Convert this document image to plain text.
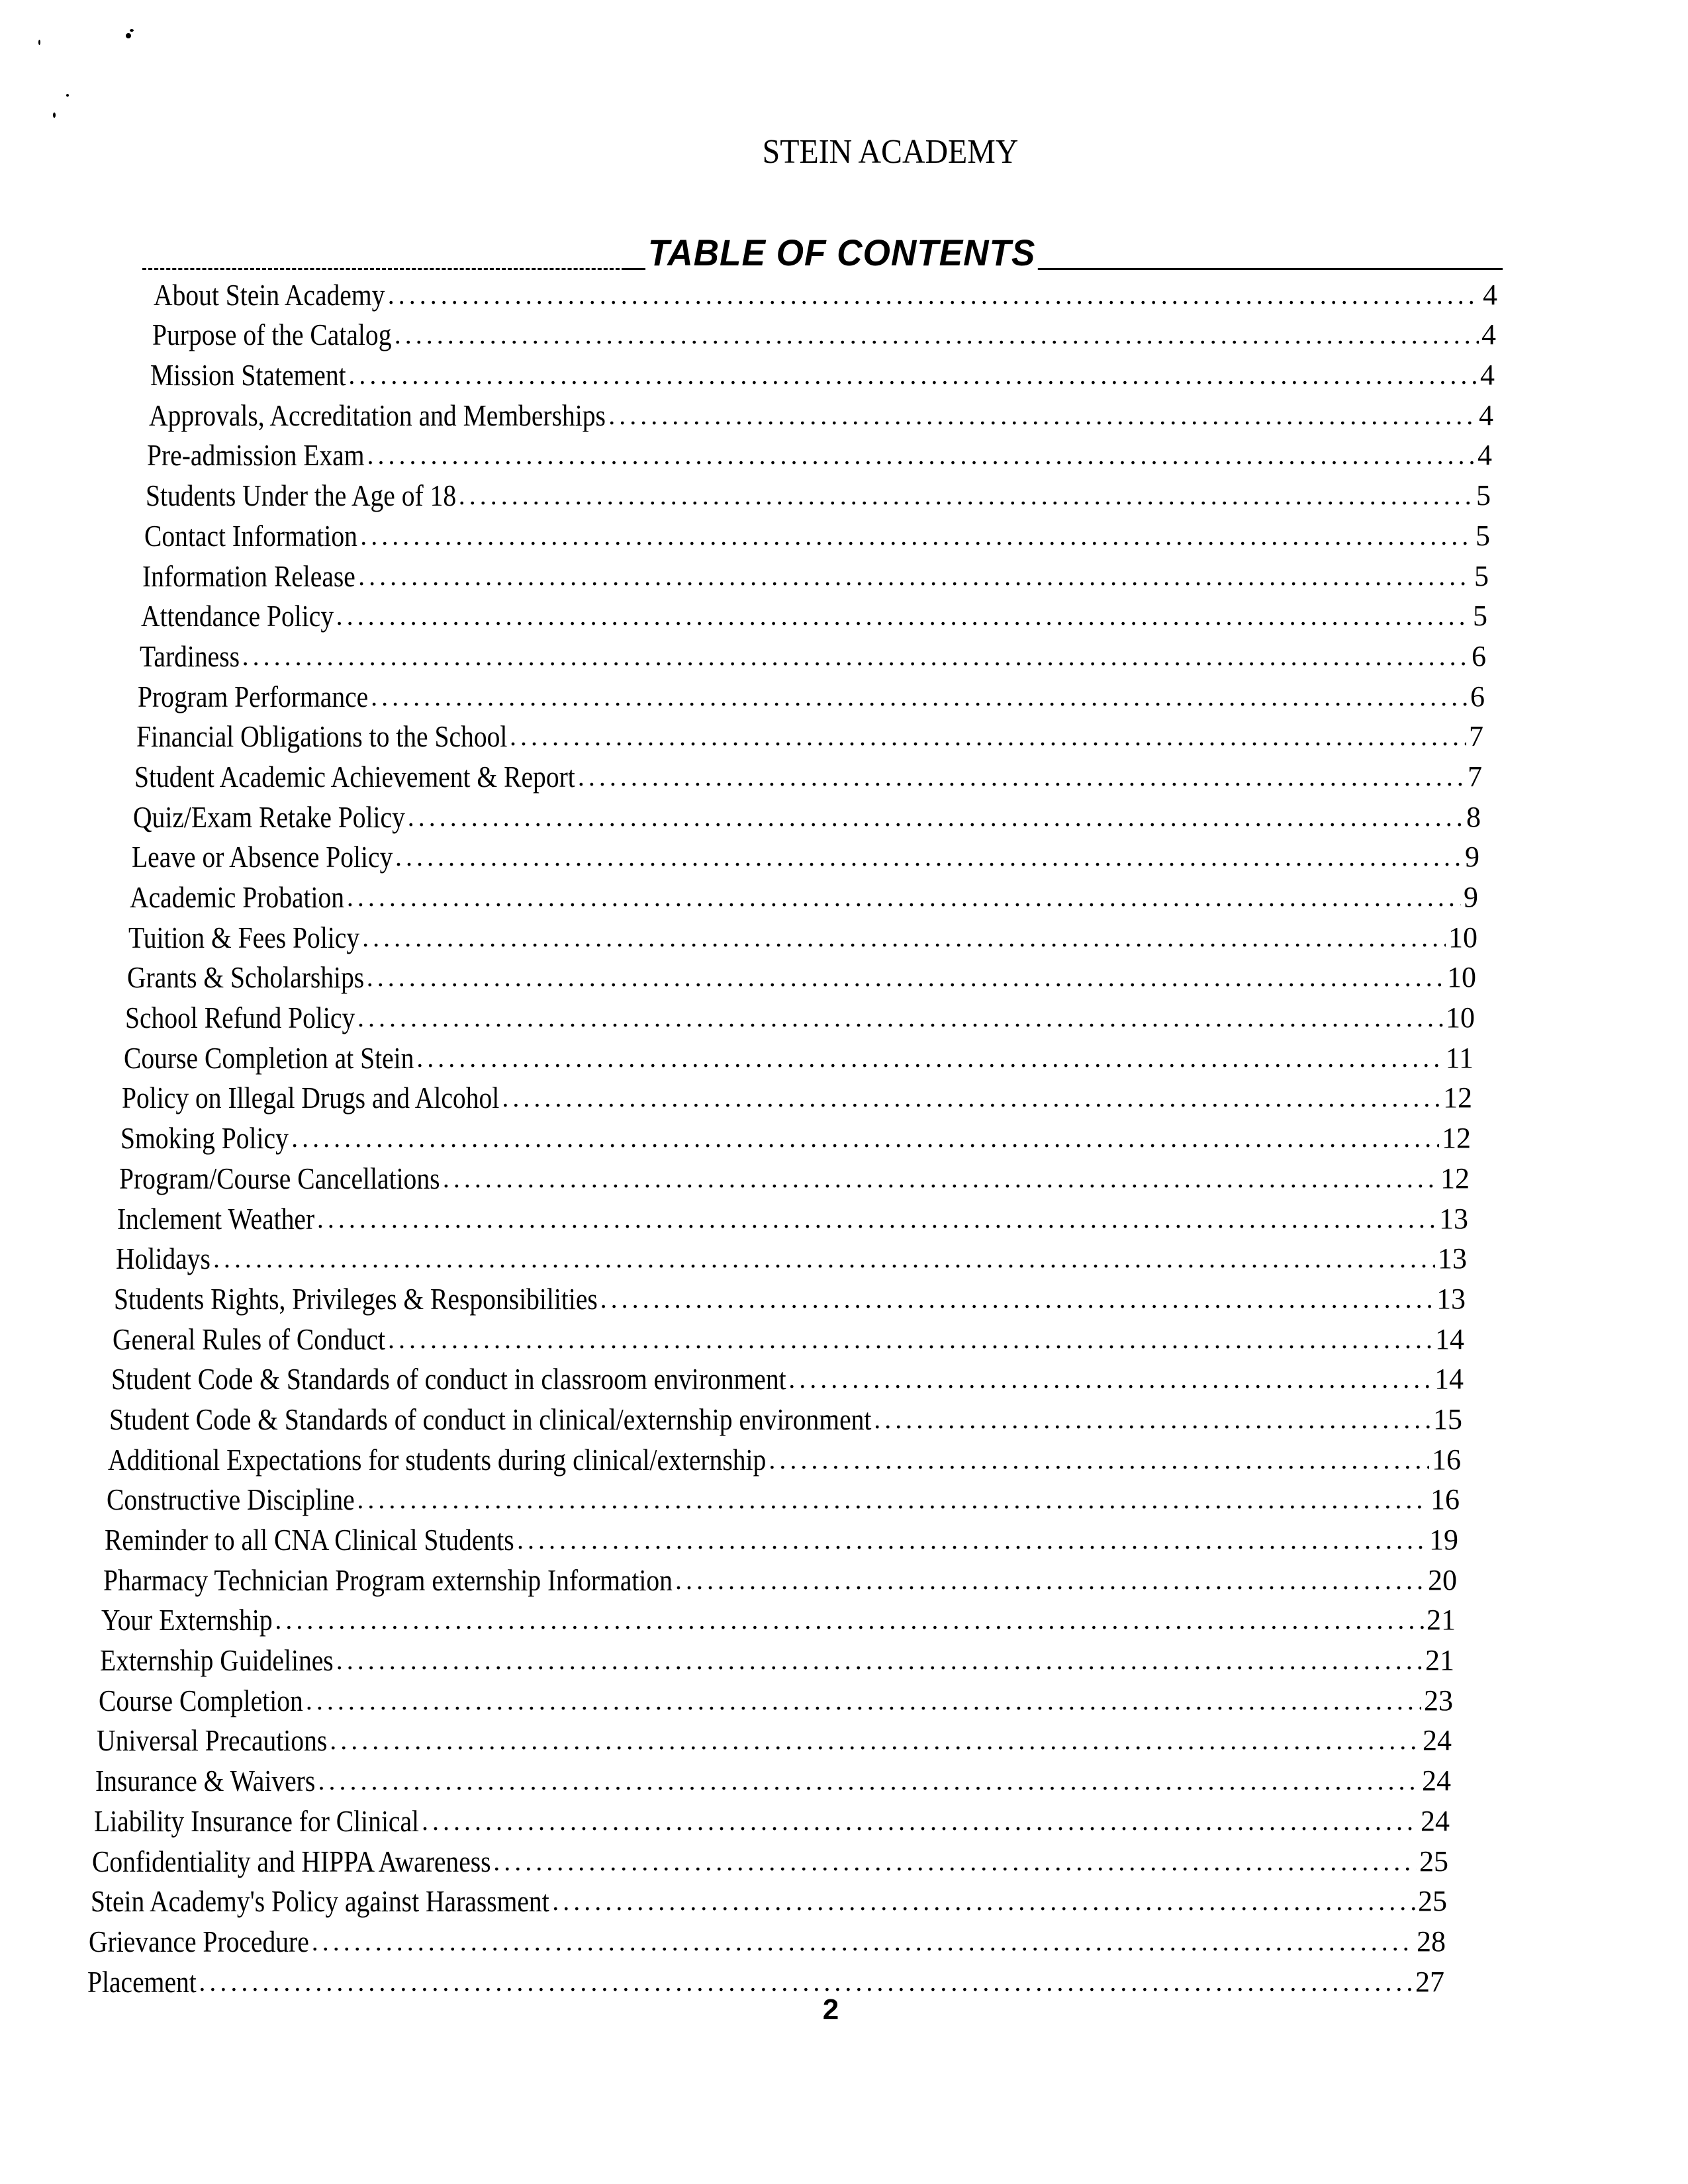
STEIN ACADEMY
TABLE OF CONTENTS
About Stein Academy .....	4
Purpose of the Catalog .....	4
Mission Statement .....	4
Approvals, Accreditation and Memberships .....	4
Pre-admission Exam .....	4
Students Under the Age of 18 .....	5
Contact Information .....	5
Information Release .....	5
Attendance Policy .....	5
Tardiness .....	6
Program Performance .....	6
Financial Obligations to the School .....	7
Student Academic Achievement & Report .....	7
Quiz/Exam Retake Policy .....	8
Leave or Absence Policy .....	9
Academic Probation .....	9
Tuition & Fees Policy .....	10
Grants & Scholarships .....	10
School Refund Policy .....	10
Course Completion at Stein .....	11
Policy on Illegal Drugs and Alcohol .....	12
Smoking Policy .....	12
Program/Course Cancellations .....	12
Inclement Weather .....	13
Holidays .....	13
Students Rights, Privileges & Responsibilities .....	13
General Rules of Conduct .....	14
Student Code & Standards of conduct in classroom environment .....	14
Student Code & Standards of conduct in clinical/externship environment .....	15
Additional Expectations for students during clinical/externship .....	16
Constructive Discipline .....	16
Reminder to all CNA Clinical Students .....	19
Pharmacy Technician Program externship Information .....	20
Your Externship .....	21
Externship Guidelines .....	21
Course Completion .....	23
Universal Precautions .....	24
Insurance & Waivers .....	24
Liability Insurance for Clinical .....	24
Confidentiality and HIPPA Awareness .....	25
Stein Academy's Policy against Harassment .....	25
Grievance Procedure .....	28
Placement .....	27
2
